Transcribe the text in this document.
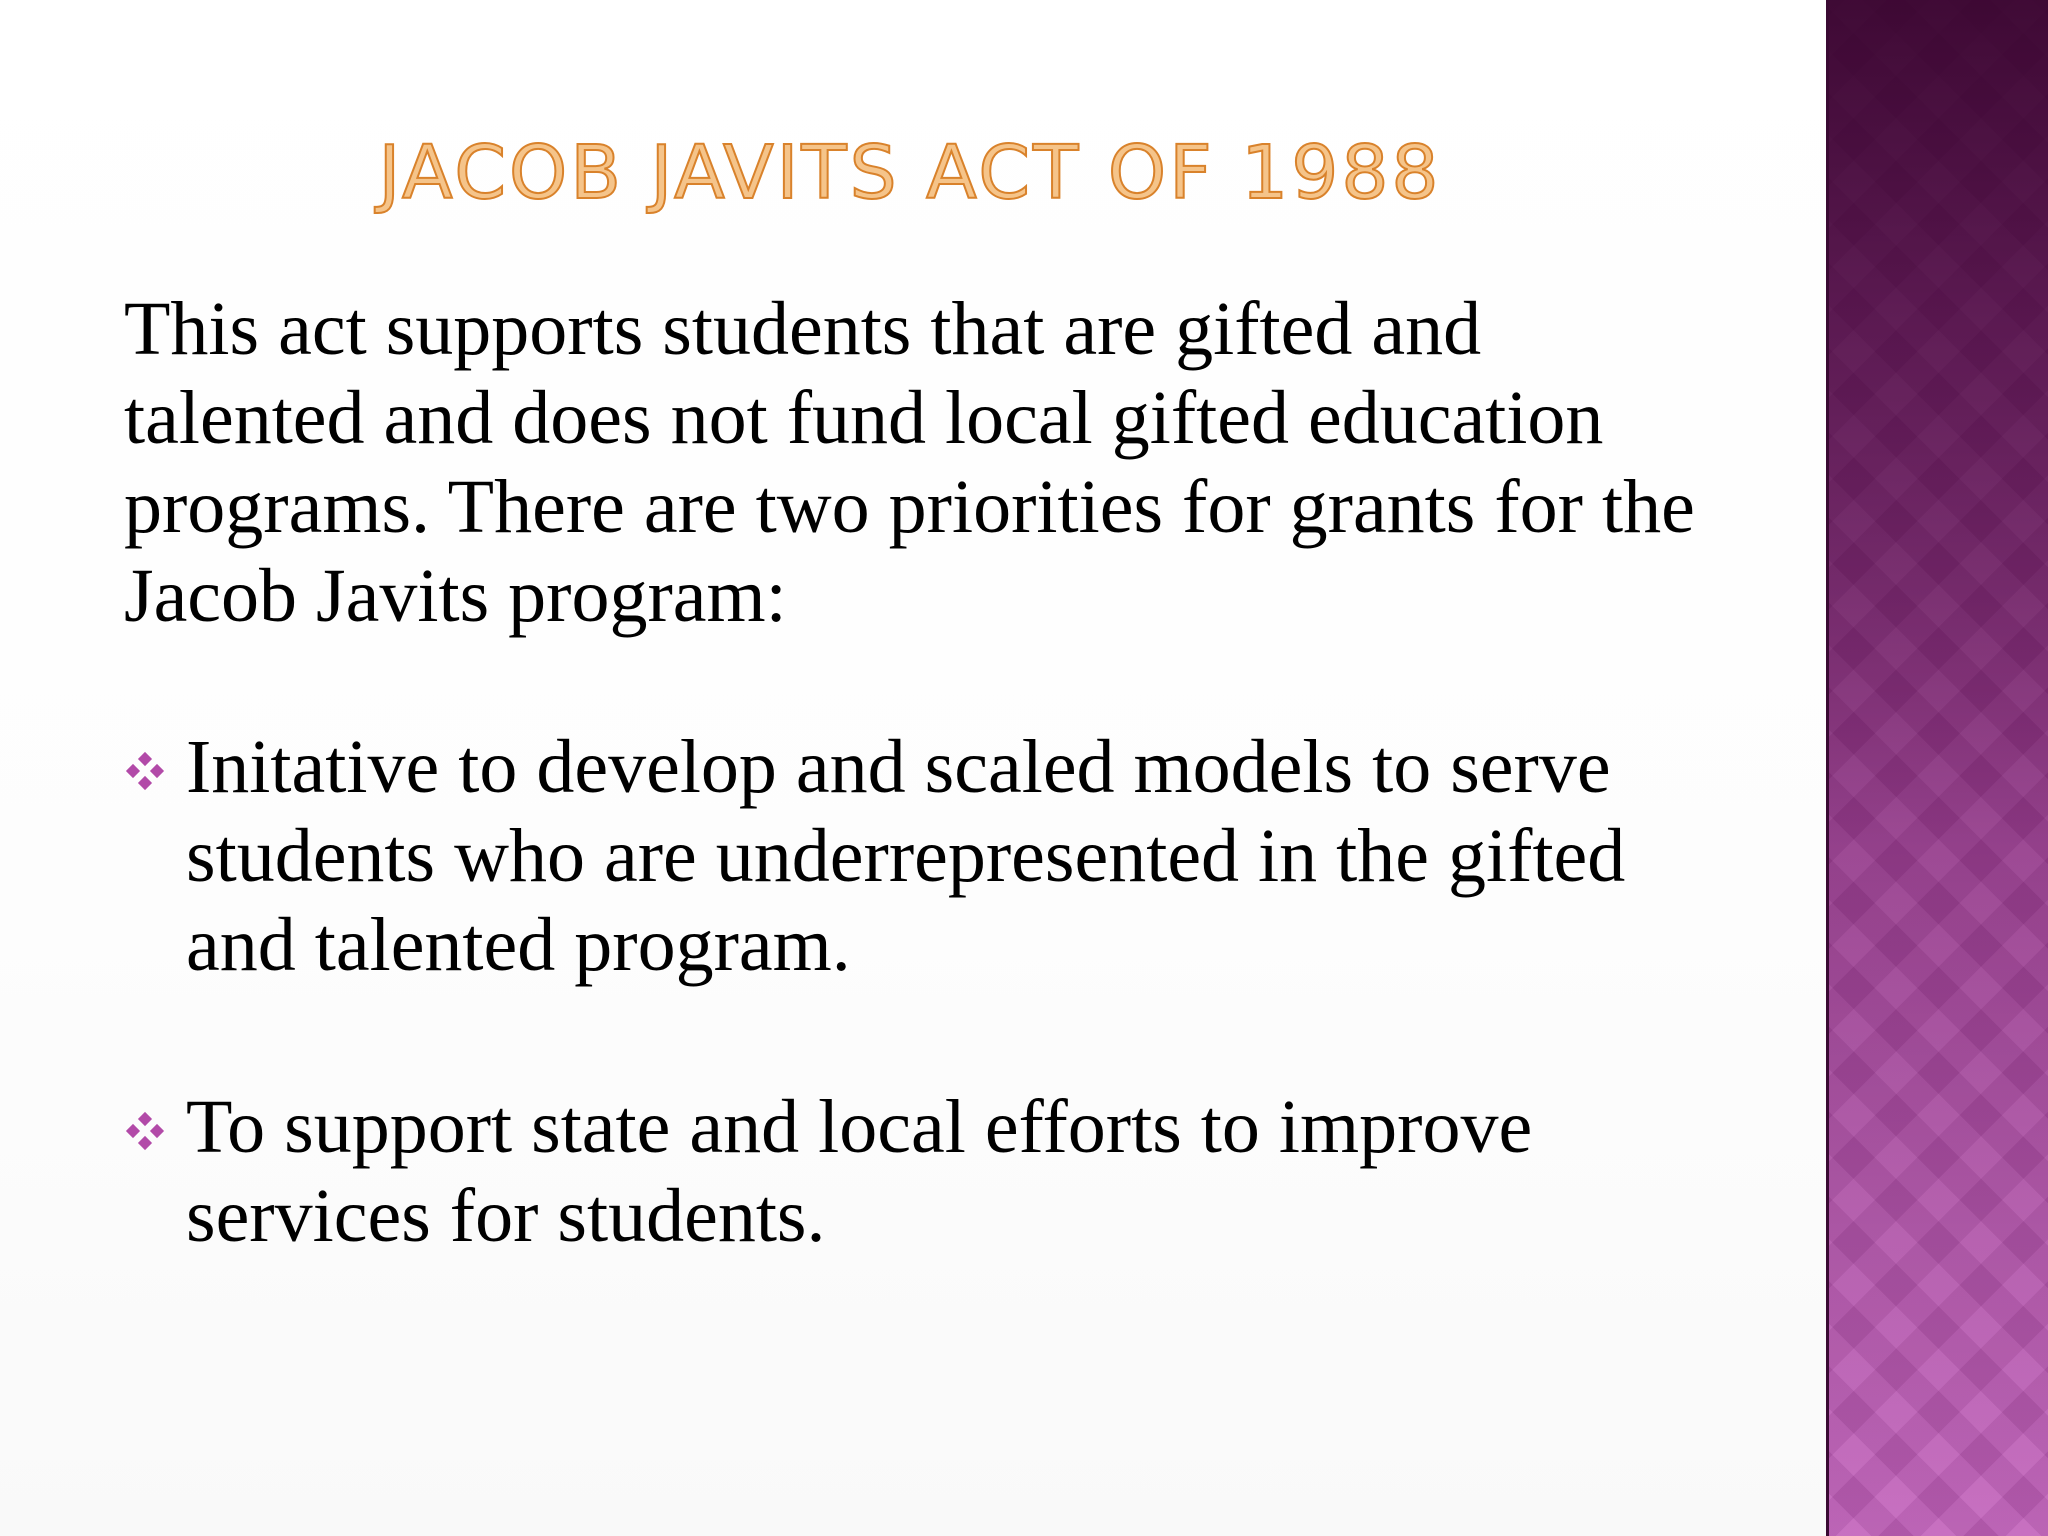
JACOB JAVITS ACT OF 1988

This act supports students that are gifted and talented and does not fund local gifted education programs. There are two priorities for grants for the Jacob Javits program:

Initative to develop and scaled models to serve students who are underrepresented in the gifted and talented program.
To support state and local efforts to improve services for students.
